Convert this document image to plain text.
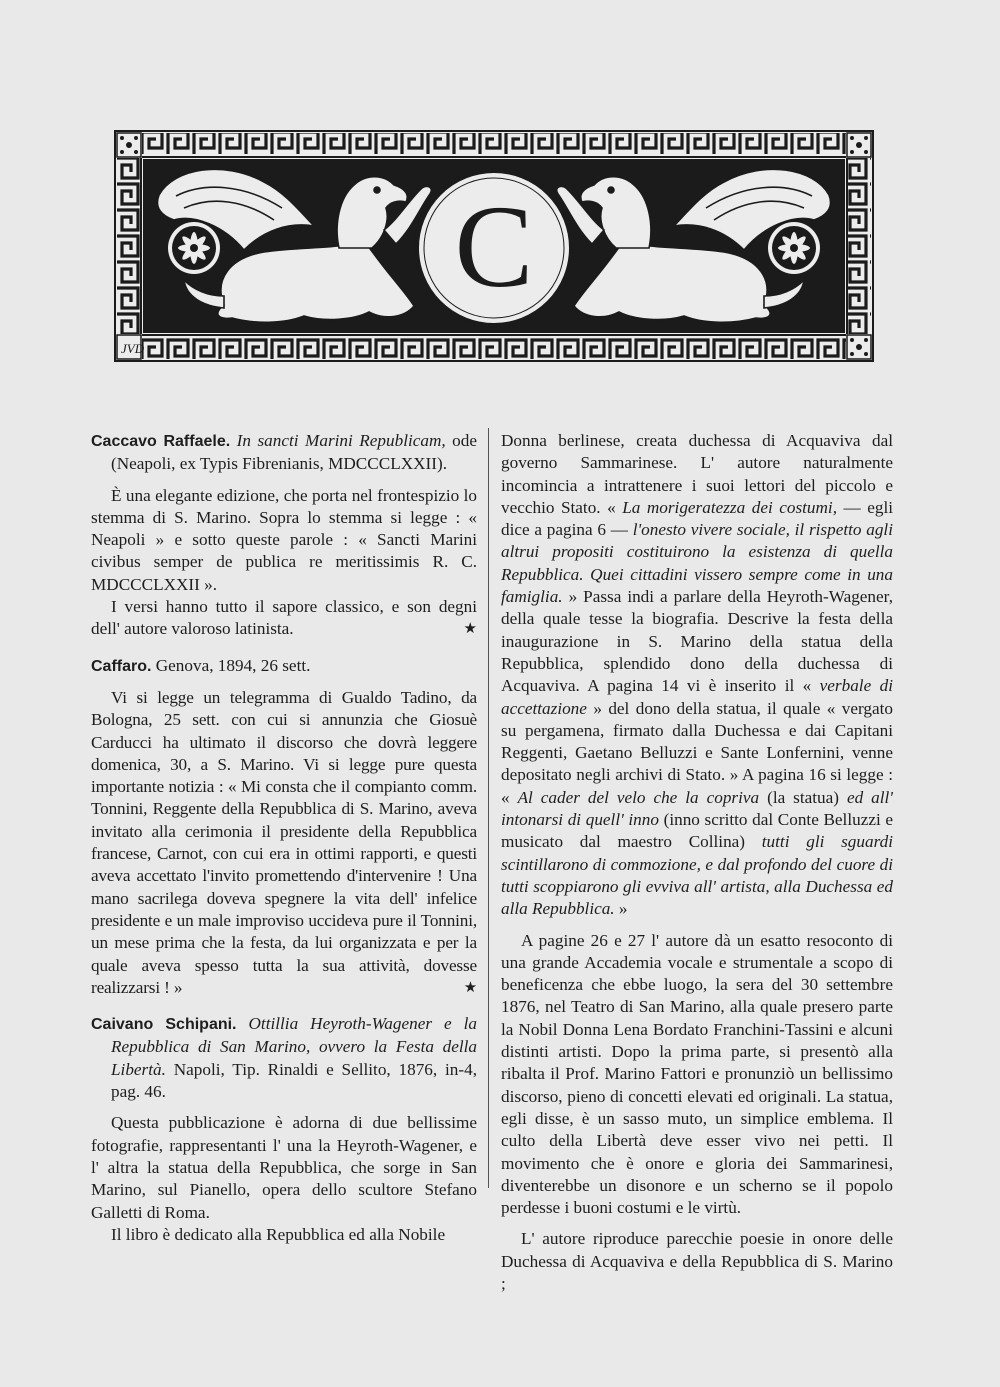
JVD
C

Caccavo Raffaele. In sancti Marini Republicam, ode (Neapoli, ex Typis Fibrenianis, MDCCCLXXII).

È una elegante edizione, che porta nel frontespizio lo stemma di S. Marino. Sopra lo stemma si legge : « Neapoli » e sotto queste parole : « Sancti Marini civibus semper de publica re meritissimis R. C. MDCCCLXXII ».

I versi hanno tutto il sapore classico, e son degni dell' autore valoroso latinista.	★

Caffaro. Genova, 1894, 26 sett.

Vi si legge un telegramma di Gualdo Tadino, da Bologna, 25 sett. con cui si annunzia che Giosuè Carducci ha ultimato il discorso che dovrà leggere domenica, 30, a S. Marino. Vi si legge pure questa importante notizia : « Mi consta che il compianto comm. Tonnini, Reggente della Repubblica di S. Marino, aveva invitato alla cerimonia il presidente della Repubblica francese, Carnot, con cui era in ottimi rapporti, e questi aveva accettato l'invito promettendo d'intervenire ! Una mano sacrilega doveva spegnere la vita dell' infelice presidente e un male improviso uccideva pure il Tonnini, un mese prima che la festa, da lui organizzata e per la quale aveva spesso tutta la sua attività, dovesse realizzarsi ! »	★

Caivano Schipani. Ottillia Heyroth-Wagener e la Repubblica di San Marino, ovvero la Festa della Libertà. Napoli, Tip. Rinaldi e Sellito, 1876, in-4, pag. 46.

Questa pubblicazione è adorna di due bellissime fotografie, rappresentanti l' una la Heyroth-Wagener, e l' altra la statua della Repubblica, che sorge in San Marino, sul Pianello, opera dello scultore Stefano Galletti di Roma.

Il libro è dedicato alla Repubblica ed alla Nobile

Donna berlinese, creata duchessa di Acquaviva dal governo Sammarinese. L' autore naturalmente incomincia a intrattenere i suoi lettori del piccolo e vecchio Stato. « La morigeratezza dei costumi, — egli dice a pagina 6 — l'onesto vivere sociale, il rispetto agli altrui propositi costituirono la esistenza di quella Repubblica. Quei cittadini vissero sempre come in una famiglia. » Passa indi a parlare della Heyroth-Wagener, della quale tesse la biografia. Descrive la festa della inaugurazione in S. Marino della statua della Repubblica, splendido dono della duchessa di Acquaviva. A pagina 14 vi è inserito il « verbale di accettazione » del dono della statua, il quale « vergato su pergamena, firmato dalla Duchessa e dai Capitani Reggenti, Gaetano Belluzzi e Sante Lonfernini, venne depositato negli archivi di Stato. » A pagina 16 si legge : « Al cader del velo che la copriva (la statua) ed all' intonarsi di quell' inno (inno scritto dal Conte Belluzzi e musicato dal maestro Collina) tutti gli sguardi scintillarono di commozione, e dal profondo del cuore di tutti scoppiarono gli evviva all' artista, alla Duchessa ed alla Repubblica. »

A pagine 26 e 27 l' autore dà un esatto resoconto di una grande Accademia vocale e strumentale a scopo di beneficenza che ebbe luogo, la sera del 30 settembre 1876, nel Teatro di San Marino, alla quale presero parte la Nobil Donna Lena Bordato Franchini-Tassini e alcuni distinti artisti. Dopo la prima parte, si presentò alla ribalta il Prof. Marino Fattori e pronunziò un bellissimo discorso, pieno di concetti elevati ed originali. La statua, egli disse, è un sasso muto, un simplice emblema. Il culto della Libertà deve esser vivo nei petti. Il movimento che è onore e gloria dei Sammarinesi, diventerebbe un disonore e un scherno se il popolo perdesse i buoni costumi e le virtù.

L' autore riproduce parecchie poesie in onore delle Duchessa di Acquaviva e della Repubblica di S. Marino ;
